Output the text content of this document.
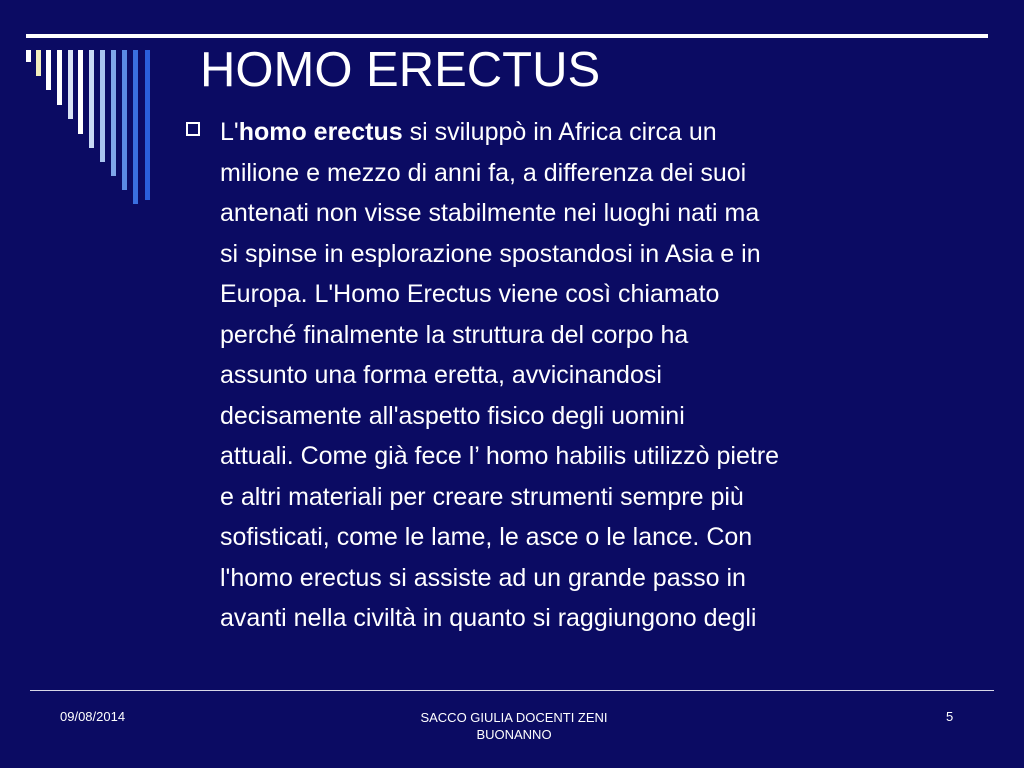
HOMO ERECTUS

L'homo erectus si sviluppò in Africa circa un
milione e mezzo di anni fa, a differenza dei suoi
antenati non visse stabilmente nei luoghi nati ma
si spinse in esplorazione spostandosi in Asia e in
Europa. L'Homo Erectus viene così chiamato
perché finalmente la struttura del corpo ha
assunto una forma eretta, avvicinandosi
decisamente all'aspetto fisico degli uomini
attuali. Come già fece l’ homo habilis utilizzò pietre
e altri materiali per creare strumenti sempre più
sofisticati, come le lame, le asce o le lance. Con
l'homo erectus si assiste ad un grande passo in
avanti nella civiltà in quanto si raggiungono degli

09/08/2014	SACCO GIULIA DOCENTI ZENI
BUONANNO
5
